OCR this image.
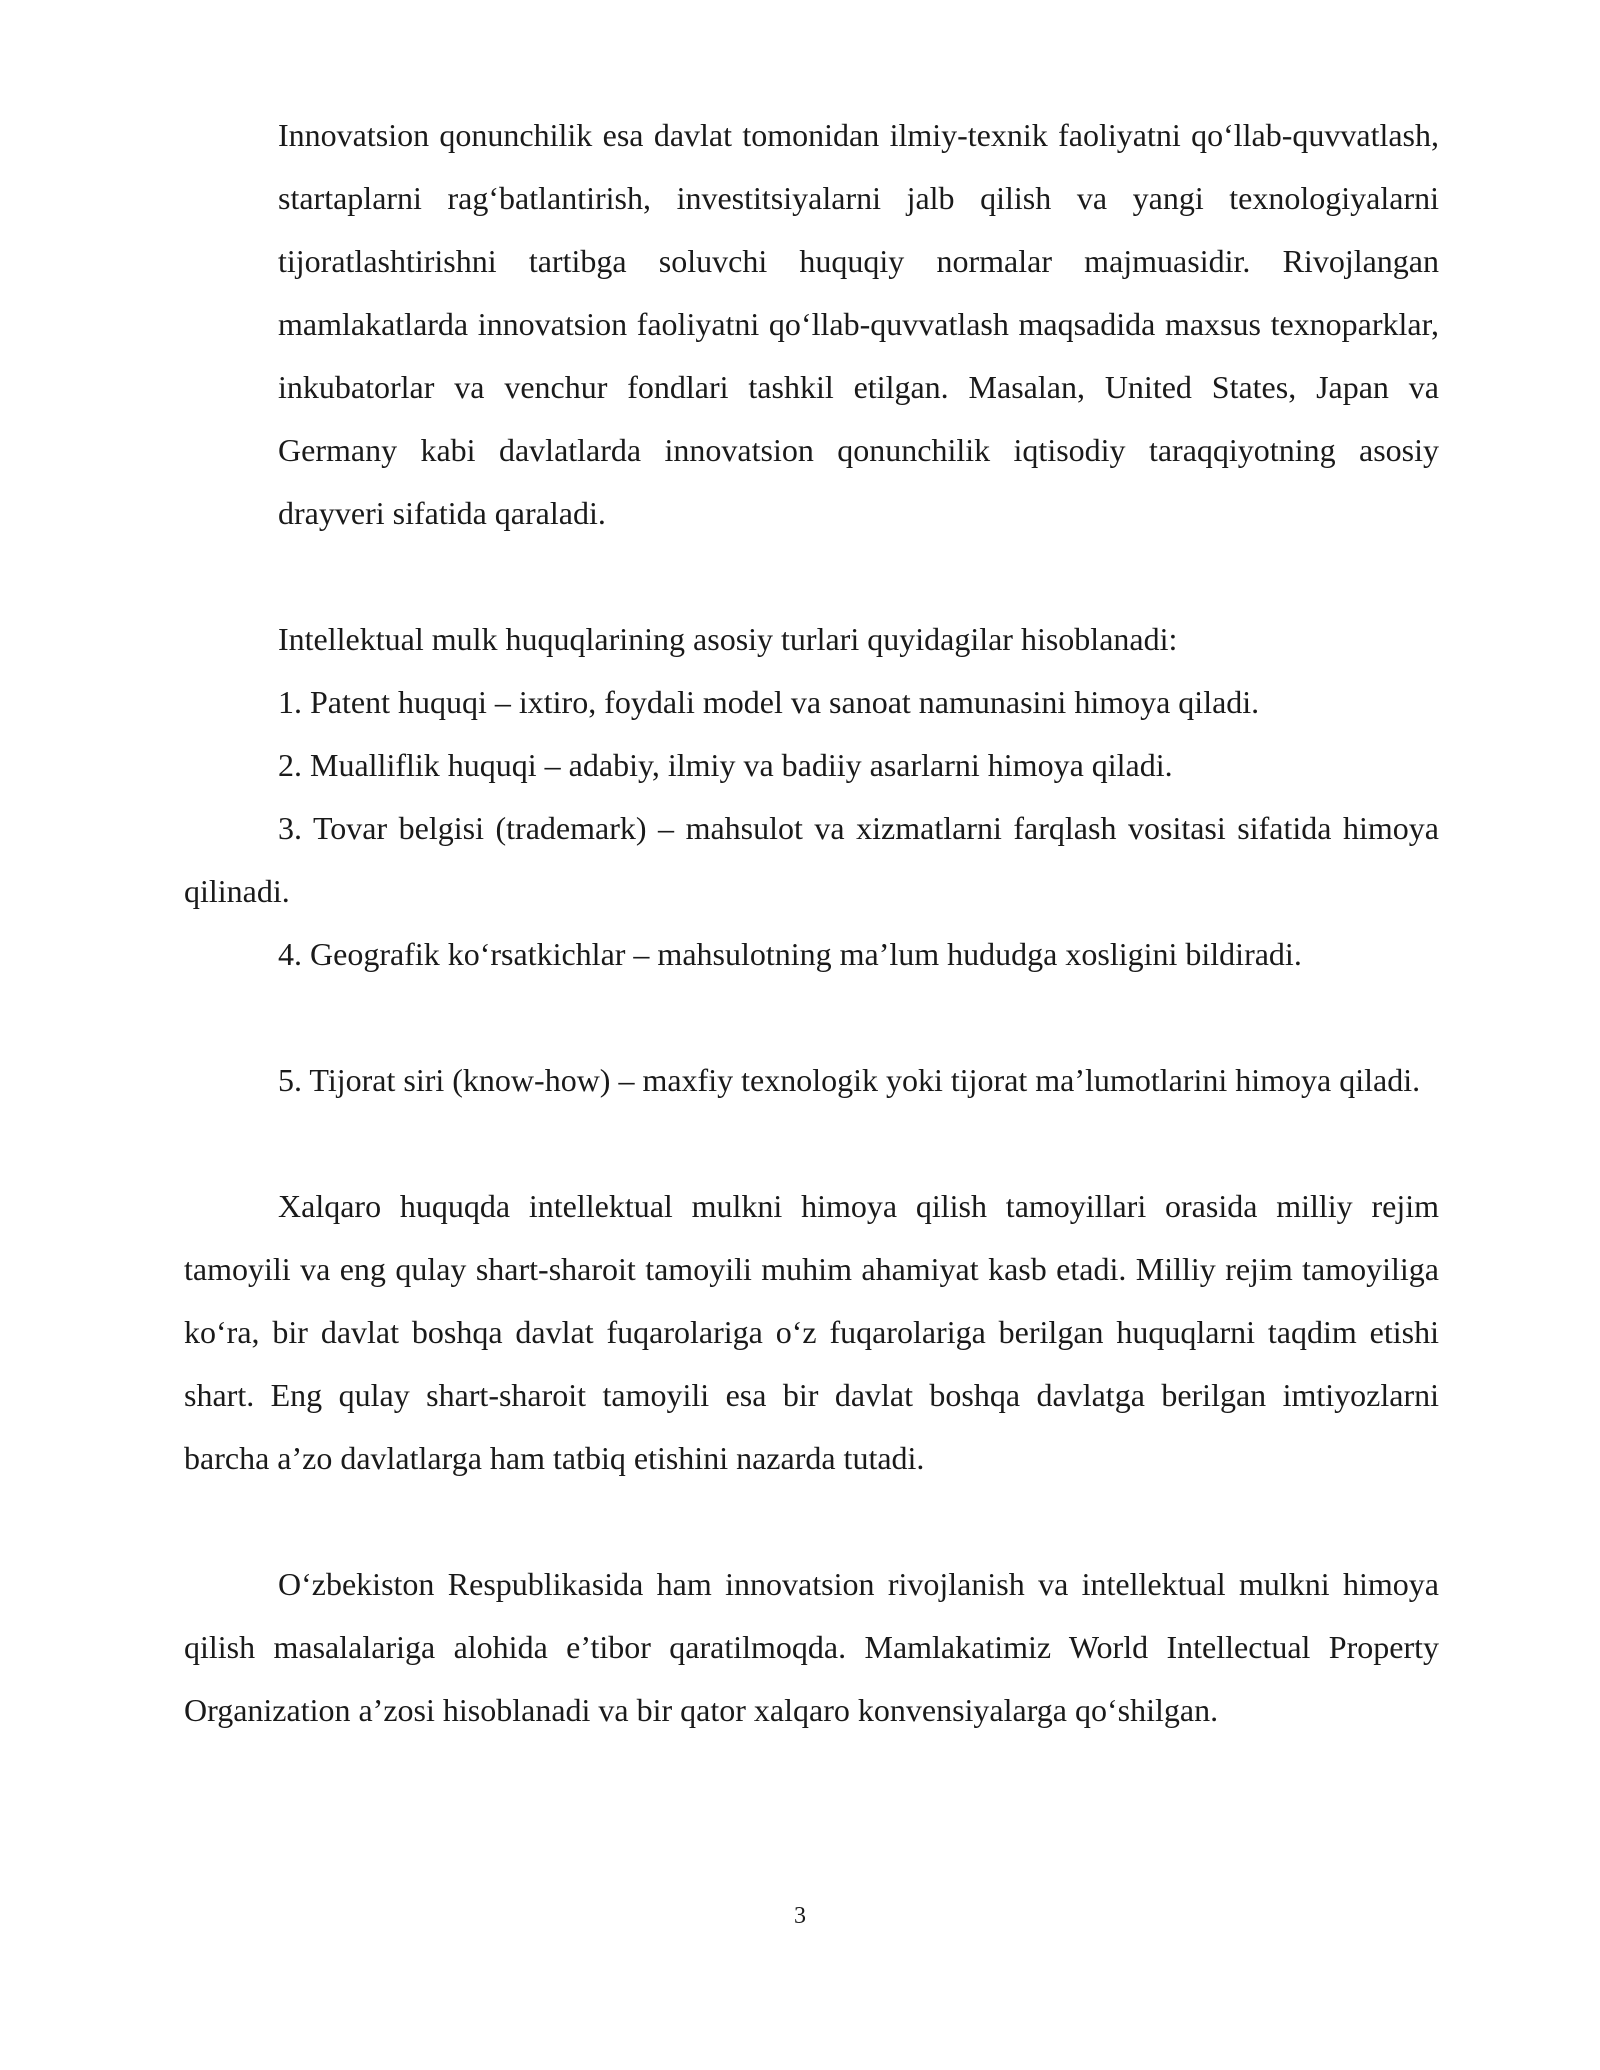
Innovatsion qonunchilik esa davlat tomonidan ilmiy-texnik faoliyatni qo‘llab-quvvatlash, startaplarni rag‘batlantirish, investitsiyalarni jalb qilish va yangi texnologiyalarni tijoratlashtirishni tartibga soluvchi huquqiy normalar majmuasidir. Rivojlangan mamlakatlarda innovatsion faoliyatni qo‘llab-quvvatlash maqsadida maxsus texnoparklar, inkubatorlar va venchur fondlari tashkil etilgan. Masalan, United States, Japan va Germany kabi davlatlarda innovatsion qonunchilik iqtisodiy taraqqiyotning asosiy drayveri sifatida qaraladi.
Intellektual mulk huquqlarining asosiy turlari quyidagilar hisoblanadi:
1. Patent huquqi – ixtiro, foydali model va sanoat namunasini himoya qiladi.
2. Mualliflik huquqi – adabiy, ilmiy va badiiy asarlarni himoya qiladi.
3. Tovar belgisi (trademark) – mahsulot va xizmatlarni farqlash vositasi sifatida himoya qilinadi.
4. Geografik ko‘rsatkichlar – mahsulotning ma’lum hududga xosligini bildiradi.
5. Tijorat siri (know-how) – maxfiy texnologik yoki tijorat ma’lumotlarini himoya qiladi.
Xalqaro huquqda intellektual mulkni himoya qilish tamoyillari orasida milliy rejim tamoyili va eng qulay shart-sharoit tamoyili muhim ahamiyat kasb etadi. Milliy rejim tamoyiliga ko‘ra, bir davlat boshqa davlat fuqarolariga o‘z fuqarolariga berilgan huquqlarni taqdim etishi shart. Eng qulay shart-sharoit tamoyili esa bir davlat boshqa davlatga berilgan imtiyozlarni barcha a’zo davlatlarga ham tatbiq etishini nazarda tutadi.
O‘zbekiston Respublikasida ham innovatsion rivojlanish va intellektual mulkni himoya qilish masalalariga alohida e’tibor qaratilmoqda. Mamlakatimiz World Intellectual Property Organization a’zosi hisoblanadi va bir qator xalqaro konvensiyalarga qo‘shilgan.
3
